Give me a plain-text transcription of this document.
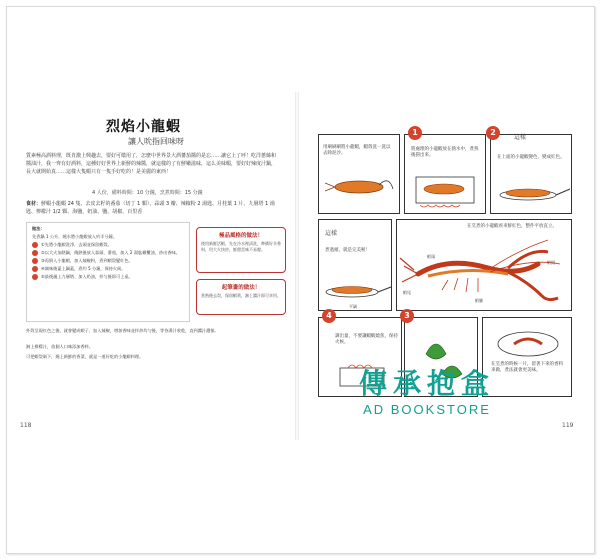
烈焰小龍蝦
讓人吮指回味呀
質素極高酒料理，既肯激上興趣去，要好可燉用了，怎麼中世界景大酒蕃茄醬的是忘……讓它上了呼！吃洋蔥絲和醬油汁，我一齊有好酒料，這種好好世界上新鮮的辣醬，就這樣的了有鮮嫩滋味，這么美味蝦，要好好辣度汁鍋，長大就開始真……這樣大隻蝦只有一隻手好吃的！是美麗的東西！
4 人份，備料時間：10 分鐘，烹煮時間：15 分鐘
食材：鮮蝦小龍蝦 24 隻、去皮去籽的番茄（切丁 1 顆）、蒜頭 3 瓣、辣椒粉 2 湯匙、月桂葉 1 片、九層塔 1 湯匙、檸檬汁 1/2 顆、海鹽、奶油、鹽、胡椒、百里香
做法：
先煮鍋 1 公升，燒水將小龍蝦放入約半分鐘。
①先將小龍蝦洗淨，去頭並保留蝦殼。
②以大火加熱鍋，燒熱後放入蒜頭、番茄，加入 2 湯匙橄欖油，炒出香味。
③再倒入小龍蝦，加入辣椒粉，煮到蝦殼變紅色。
④調味後蓋上鍋蓋，煮約 5 分鐘，保持火候。
⑤最後灑上九層塔、加入奶油，拌勻後即可上桌。
極品風格的做法！

使用新鮮活蝦，先在冷水裡清洗，準備好辛香料，用大火快炒，鮮甜美味不易腥。

起筆畫的做法！

煮熟後去殼，保留蝦黃，淋上醬汁即可享用。

外殼呈現紅色之後，就會變成蝦子，加入辣椒，增加香味並拌炒均勻後，等待湯汁收乾，直到醬汁濃郁。
淋上檸檬汁，依個人口味添加香料。
可把蝦殼剝下，燒上新鮮的香菜，就是一道好吃的小龍蝦料理。
118
用刷刷刷將小龍蝦，蝦殼洗一洗以去除泥沙。
將處理的小龍蝦放在熱水中，煮熟後撈出來。
1
在上面的小龍蝦變色，變成紅色。
2
這樣
這樣
煮過頭，就是完美啦！
平鍋
在烹煮的小龍蝦看來鮮紅色，整件平放直立。
蝦尾
蝦頭
蝦鉗
蝦腳
調出量，不要讓蝦蝦燒焦，保持火候。
4	3
在烹煮的時候一片，留著下來的香料來做，煮法就會更美味。
119
傳承抱盒
AD BOOKSTORE
